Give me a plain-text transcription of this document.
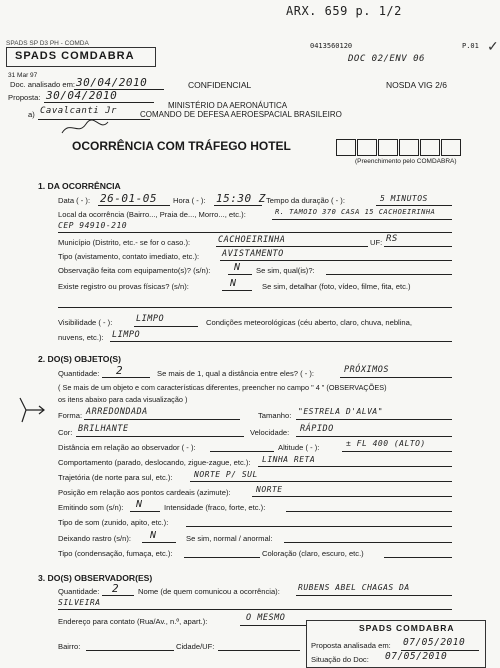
ARX. 659 p. 1/2
SPADS SP D3 PH - COMDA	0413560120	P.01
DOC 02/ENV 06
✓
SPADS COMDABRA
31 Mar 97
Doc. analisado em: 30/04/2010
Proposta: 30/04/2010
a) Cavalcanti Jr
CONFIDENCIAL	NOSDA VIG 2/6
MINISTÉRIO DA AERONÁUTICA
COMANDO DE DEFESA AEROESPACIAL BRASILEIRO
OCORRÊNCIA COM TRÁFEGO HOTEL
(Preenchimento pelo COMDABRA)
1. DA OCORRÊNCIA
Data ( - ): 26-01-05 Hora ( - ): 15:30 Z Tempo da duração ( - ):	5 MINUTOS
Local da ocorrência (Bairro..., Praia de..., Morro..., etc.):	R. TAMOIO 370 CASA 15 CACHOEIRINHA
CEP 94910-210
Município (Distrito, etc.- se for o caso.):	CACHOEIRINHA	UF: RS
Tipo (avistamento, contato imediato, etc.):	AVISTAMENTO
Observação feita com equipamento(s)? (s/n): N Se sim, qual(is)?:
Existe registro ou provas físicas? (s/n):	N	Se sim, detalhar (foto, vídeo, filme, fita, etc.)
Visibilidade ( - ):	LIMPO	Condições meteorológicas (céu aberto, claro, chuva, neblina,
nuvens, etc.): LIMPO
2. DO(S) OBJETO(S)
Quantidade: 2	Se mais de 1, qual a distância entre eles? ( - ):	PRÓXIMOS
( Se mais de um objeto e com características diferentes, preencher no campo " 4 " (OBSERVAÇÕES)
os itens abaixo para cada visualização )
Forma: ARREDONDADA	Tamanho: "ESTRELA D'ALVA"
Cor: BRILHANTE	Velocidade: RÁPIDO
Distância em relação ao observador ( - ):	Altitude ( - ):	± FL 400 (ALTO)
Comportamento (parado, deslocando, zigue-zague, etc.): LINHA RETA
Trajetória (de norte para sul, etc.):	NORTE P/ SUL
Posição em relação aos pontos cardeais (azimute):	NORTE
Emitindo som (s/n): N	Intensidade (fraco, forte, etc.):
Tipo de som (zunido, apito, etc.):
Deixando rastro (s/n): N	Se sim, normal / anormal:
Tipo (condensação, fumaça, etc.):	Coloração (claro, escuro, etc.)
3. DO(S) OBSERVADOR(ES)
Quantidade: 2 Nome (de quem comunicou a ocorrência): RUBENS ABEL CHAGAS DA
SILVEIRA
Endereço para contato (Rua/Av., n.º, apart.):	O MESMO
Bairro:	Cidade/UF:
SPADS COMDABRA
Proposta analisada em: 07/05/2010
Situação do Doc: 07/05/2010
